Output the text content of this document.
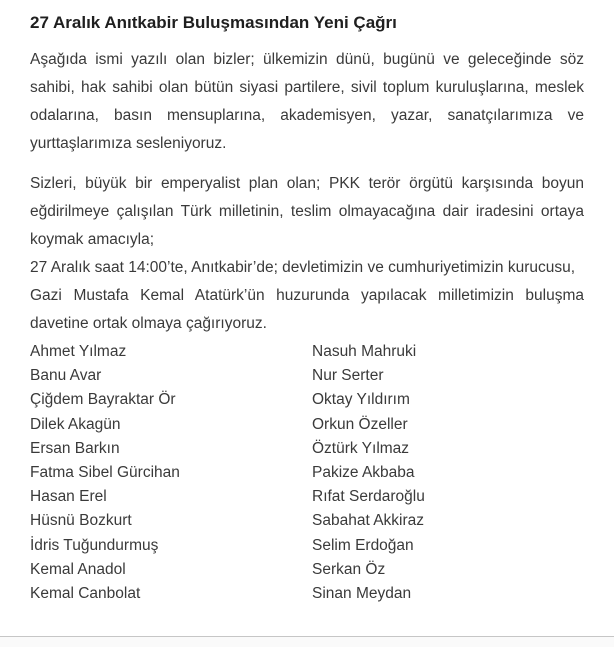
27 Aralık Anıtkabir Buluşmasından Yeni Çağrı

Aşağıda ismi yazılı olan bizler; ülkemizin dünü, bugünü ve geleceğinde söz sahibi, hak sahibi olan bütün siyasi partilere, sivil toplum kuruluşlarına, meslek odalarına, basın mensuplarına, akademisyen, yazar, sanatçılarımıza ve yurttaşlarımıza sesleniyoruz.

Sizleri, büyük bir emperyalist plan olan; PKK terör örgütü karşısında boyun eğdirilmeye çalışılan Türk milletinin, teslim olmayacağına dair iradesini ortaya koymak amacıyla;

27 Aralık saat 14:00’te, Anıtkabir’de; devletimizin ve cumhuriyetimizin kurucusu,

Gazi Mustafa Kemal Atatürk’ün huzurunda yapılacak milletimizin buluşma davetine ortak olmaya çağırıyoruz.

Ahmet Yılmaz
Banu Avar
Çiğdem Bayraktar Ör
Dilek Akagün
Ersan Barkın
Fatma Sibel Gürcihan
Hasan Erel
Hüsnü Bozkurt
İdris Tuğundurmuş
Kemal Anadol
Kemal Canbolat
Nasuh Mahruki
Nur Serter
Oktay Yıldırım
Orkun Özeller
Öztürk Yılmaz
Pakize Akbaba
Rıfat Serdaroğlu
Sabahat Akkiraz
Selim Erdoğan
Serkan Öz
Sinan Meydan
